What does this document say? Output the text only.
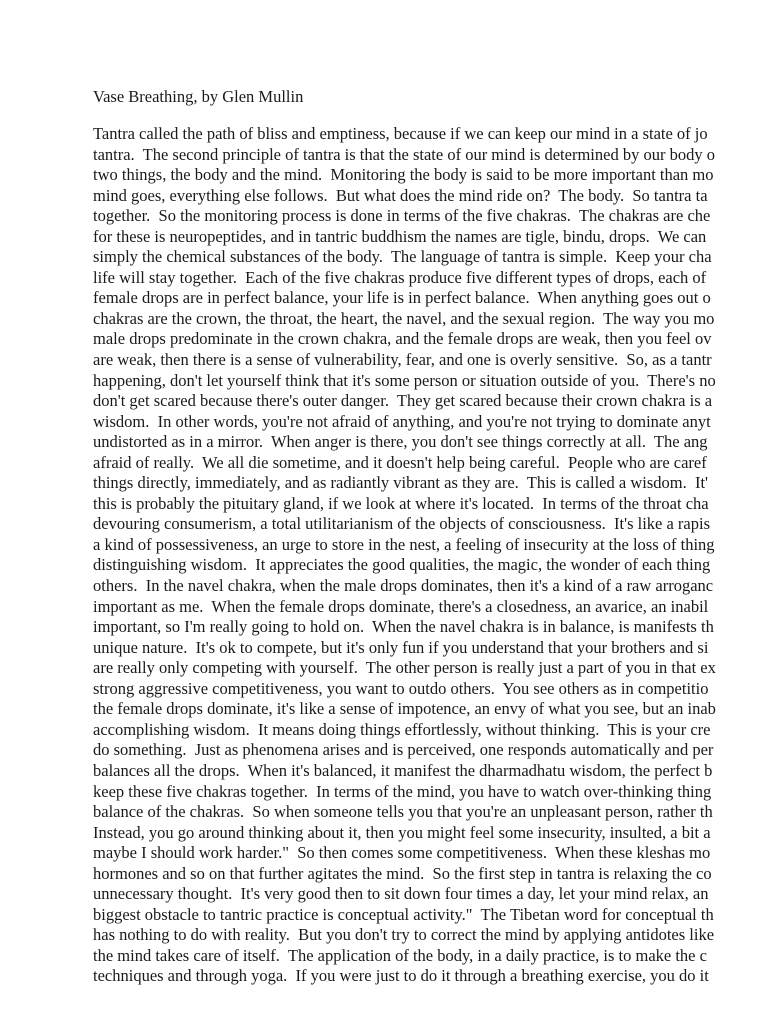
Vase Breathing, by Glen Mullin
Tantra called the path of bliss and emptiness, because if we can keep our mind in a state of jo
tantra.  The second principle of tantra is that the state of our mind is determined by our body o
two things, the body and the mind.  Monitoring the body is said to be more important than mo
mind goes, everything else follows.  But what does the mind ride on?  The body.  So tantra ta
together.  So the monitoring process is done in terms of the five chakras.  The chakras are che
for these is neuropeptides, and in tantric buddhism the names are tigle, bindu, drops.  We can
simply the chemical substances of the body.  The language of tantra is simple.  Keep your cha
life will stay together.  Each of the five chakras produce five different types of drops, each of
female drops are in perfect balance, your life is in perfect balance.  When anything goes out o
chakras are the crown, the throat, the heart, the navel, and the sexual region.  The way you mo
male drops predominate in the crown chakra, and the female drops are weak, then you feel ov
are weak, then there is a sense of vulnerability, fear, and one is overly sensitive.  So, as a tantr
happening, don't let yourself think that it's some person or situation outside of you.  There's no
don't get scared because there's outer danger.  They get scared because their crown chakra is a
wisdom.  In other words, you're not afraid of anything, and you're not trying to dominate anyt
undistorted as in a mirror.  When anger is there, you don't see things correctly at all.  The ang
afraid of really.  We all die sometime, and it doesn't help being careful.  People who are caref
things directly, immediately, and as radiantly vibrant as they are.  This is called a wisdom.  It'
this is probably the pituitary gland, if we look at where it's located.  In terms of the throat cha
devouring consumerism, a total utilitarianism of the objects of consciousness.  It's like a rapis
a kind of possessiveness, an urge to store in the nest, a feeling of insecurity at the loss of thing
distinguishing wisdom.  It appreciates the good qualities, the magic, the wonder of each thing
others.  In the navel chakra, when the male drops dominates, then it's a kind of a raw arroganc
important as me.  When the female drops dominate, there's a closedness, an avarice, an inabil
important, so I'm really going to hold on.  When the navel chakra is in balance, is manifests th
unique nature.  It's ok to compete, but it's only fun if you understand that your brothers and si
are really only competing with yourself.  The other person is really just a part of you in that ex
strong aggressive competitiveness, you want to outdo others.  You see others as in competitio
the female drops dominate, it's like a sense of impotence, an envy of what you see, but an inab
accomplishing wisdom.  It means doing things effortlessly, without thinking.  This is your cre
do something.  Just as phenomena arises and is perceived, one responds automatically and per
balances all the drops.  When it's balanced, it manifest the dharmadhatu wisdom, the perfect b
keep these five chakras together.  In terms of the mind, you have to watch over-thinking thing
balance of the chakras.  So when someone tells you that you're an unpleasant person, rather th
Instead, you go around thinking about it, then you might feel some insecurity, insulted, a bit a
maybe I should work harder."  So then comes some competitiveness.  When these kleshas mo
hormones and so on that further agitates the mind.  So the first step in tantra is relaxing the co
unnecessary thought.  It's very good then to sit down four times a day, let your mind relax, an
biggest obstacle to tantric practice is conceptual activity."  The Tibetan word for conceptual th
has nothing to do with reality.  But you don't try to correct the mind by applying antidotes like
the mind takes care of itself.  The application of the body, in a daily practice, is to make the c
techniques and through yoga.  If you were just to do it through a breathing exercise, you do it
